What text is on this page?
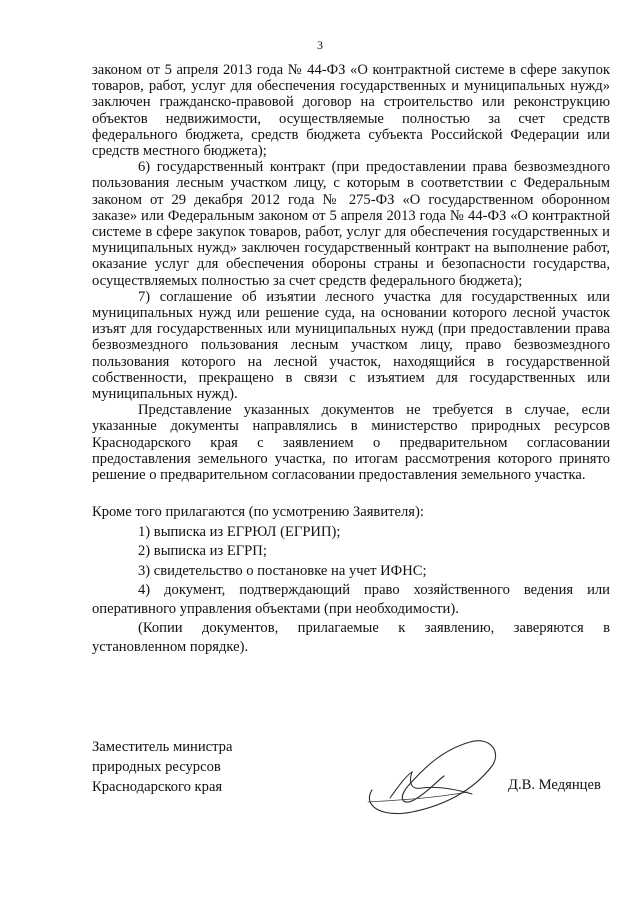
3

законом от 5 апреля 2013 года № 44-ФЗ «О контрактной системе в сфере закупок товаров, работ, услуг для обеспечения государственных и муниципальных нужд» заключен гражданско-правовой договор на строительство или реконструкцию объектов недвижимости, осуществляемые полностью за счет средств федерального бюджета, средств бюджета субъекта Российской Федерации или средств местного бюджета);

6) государственный контракт (при предоставлении права безвозмездного пользования лесным участком лицу, с которым в соответствии с Федеральным законом от 29 декабря 2012 года № 275-ФЗ «О государственном оборонном заказе» или Федеральным законом от 5 апреля 2013 года № 44-ФЗ «О контрактной системе в сфере закупок товаров, работ, услуг для обеспечения государственных и муниципальных нужд» заключен государственный контракт на выполнение работ, оказание услуг для обеспечения обороны страны и безопасности государства, осуществляемых полностью за счет средств федерального бюджета);

7) соглашение об изъятии лесного участка для государственных или муниципальных нужд или решение суда, на основании которого лесной участок изъят для государственных или муниципальных нужд (при предоставлении права безвозмездного пользования лесным участком лицу, право безвозмездного пользования которого на лесной участок, находящийся в государственной собственности, прекращено в связи с изъятием для государственных или муниципальных нужд).

Представление указанных документов не требуется в случае, если указанные документы направлялись в министерство природных ресурсов Краснодарского края с заявлением о предварительном согласовании предоставления земельного участка, по итогам рассмотрения которого принято решение о предварительном согласовании предоставления земельного участка.

Кроме того прилагаются (по усмотрению Заявителя):

1) выписка из ЕГРЮЛ (ЕГРИП);

2) выписка из ЕГРП;

3) свидетельство о постановке на учет ИФНС;

4) документ, подтверждающий право хозяйственного ведения или оперативного управления объектами (при необходимости).

(Копии документов, прилагаемые к заявлению, заверяются в установленном порядке).

Заместитель министра
природных ресурсов
Краснодарского края	Д.В. Медянцев
